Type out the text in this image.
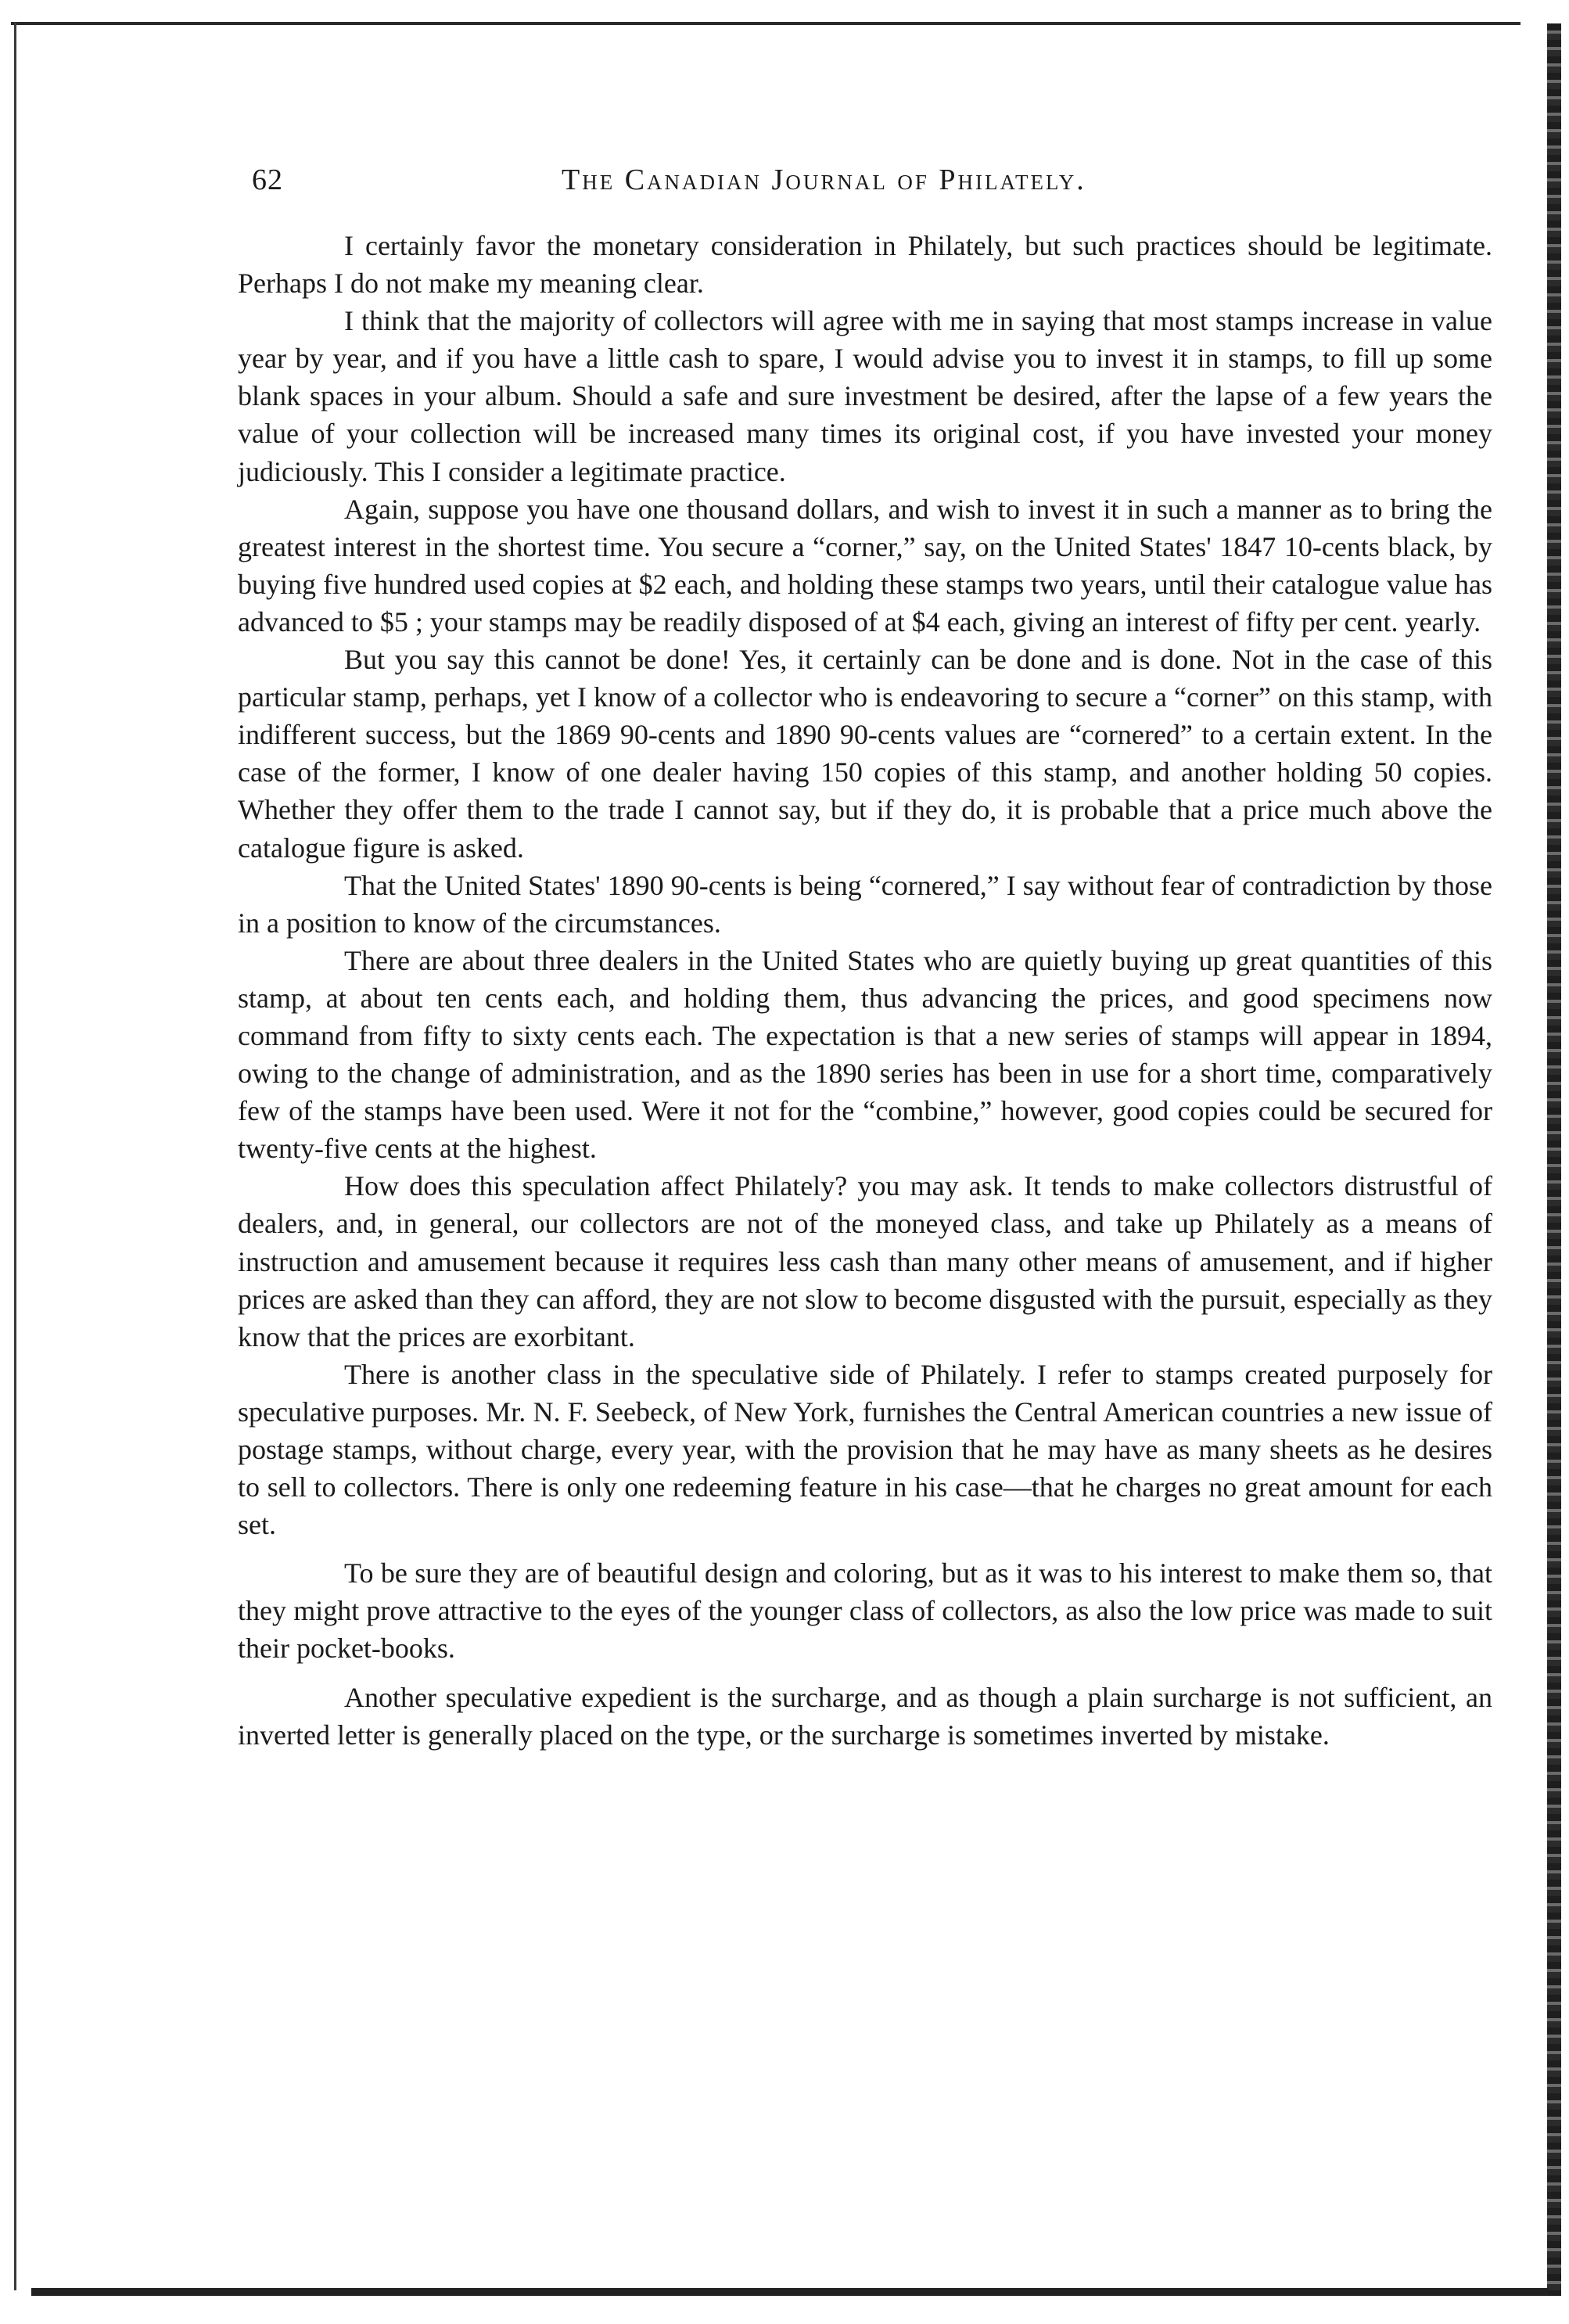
62	The Canadian Journal of Philately.

I certainly favor the monetary consideration in Philately, but such practices should be legitimate. Perhaps I do not make my meaning clear.

I think that the majority of collectors will agree with me in saying that most stamps increase in value year by year, and if you have a little cash to spare, I would advise you to invest it in stamps, to fill up some blank spaces in your album. Should a safe and sure investment be desired, after the lapse of a few years the value of your collection will be increased many times its original cost, if you have invested your money judiciously. This I consider a legitimate practice.

Again, suppose you have one thousand dollars, and wish to invest it in such a manner as to bring the greatest interest in the shortest time. You secure a “corner,” say, on the United States' 1847 10-cents black, by buying five hundred used copies at $2 each, and holding these stamps two years, until their catalogue value has advanced to $5 ; your stamps may be readily disposed of at $4 each, giving an interest of fifty per cent. yearly.

But you say this cannot be done! Yes, it certainly can be done and is done. Not in the case of this particular stamp, perhaps, yet I know of a collector who is endeavoring to secure a “corner” on this stamp, with indifferent success, but the 1869 90-cents and 1890 90-cents values are “cornered” to a certain extent. In the case of the former, I know of one dealer having 150 copies of this stamp, and another holding 50 copies. Whether they offer them to the trade I cannot say, but if they do, it is probable that a price much above the catalogue figure is asked.

That the United States' 1890 90-cents is being “cornered,” I say without fear of contradiction by those in a position to know of the circumstances.

There are about three dealers in the United States who are quietly buying up great quantities of this stamp, at about ten cents each, and holding them, thus advancing the prices, and good specimens now command from fifty to sixty cents each. The expectation is that a new series of stamps will appear in 1894, owing to the change of administration, and as the 1890 series has been in use for a short time, comparatively few of the stamps have been used. Were it not for the “combine,” however, good copies could be secured for twenty-five cents at the highest.

How does this speculation affect Philately? you may ask. It tends to make collectors distrustful of dealers, and, in general, our collectors are not of the moneyed class, and take up Philately as a means of instruction and amusement because it requires less cash than many other means of amusement, and if higher prices are asked than they can afford, they are not slow to become disgusted with the pursuit, especially as they know that the prices are exorbitant.

There is another class in the speculative side of Philately. I refer to stamps created purposely for speculative purposes. Mr. N. F. Seebeck, of New York, furnishes the Central American countries a new issue of postage stamps, without charge, every year, with the provision that he may have as many sheets as he desires to sell to collectors. There is only one redeeming feature in his case—that he charges no great amount for each set.

To be sure they are of beautiful design and coloring, but as it was to his interest to make them so, that they might prove attractive to the eyes of the younger class of collectors, as also the low price was made to suit their pocket-books.

Another speculative expedient is the surcharge, and as though a plain surcharge is not sufficient, an inverted letter is generally placed on the type, or the surcharge is sometimes inverted by mistake.
